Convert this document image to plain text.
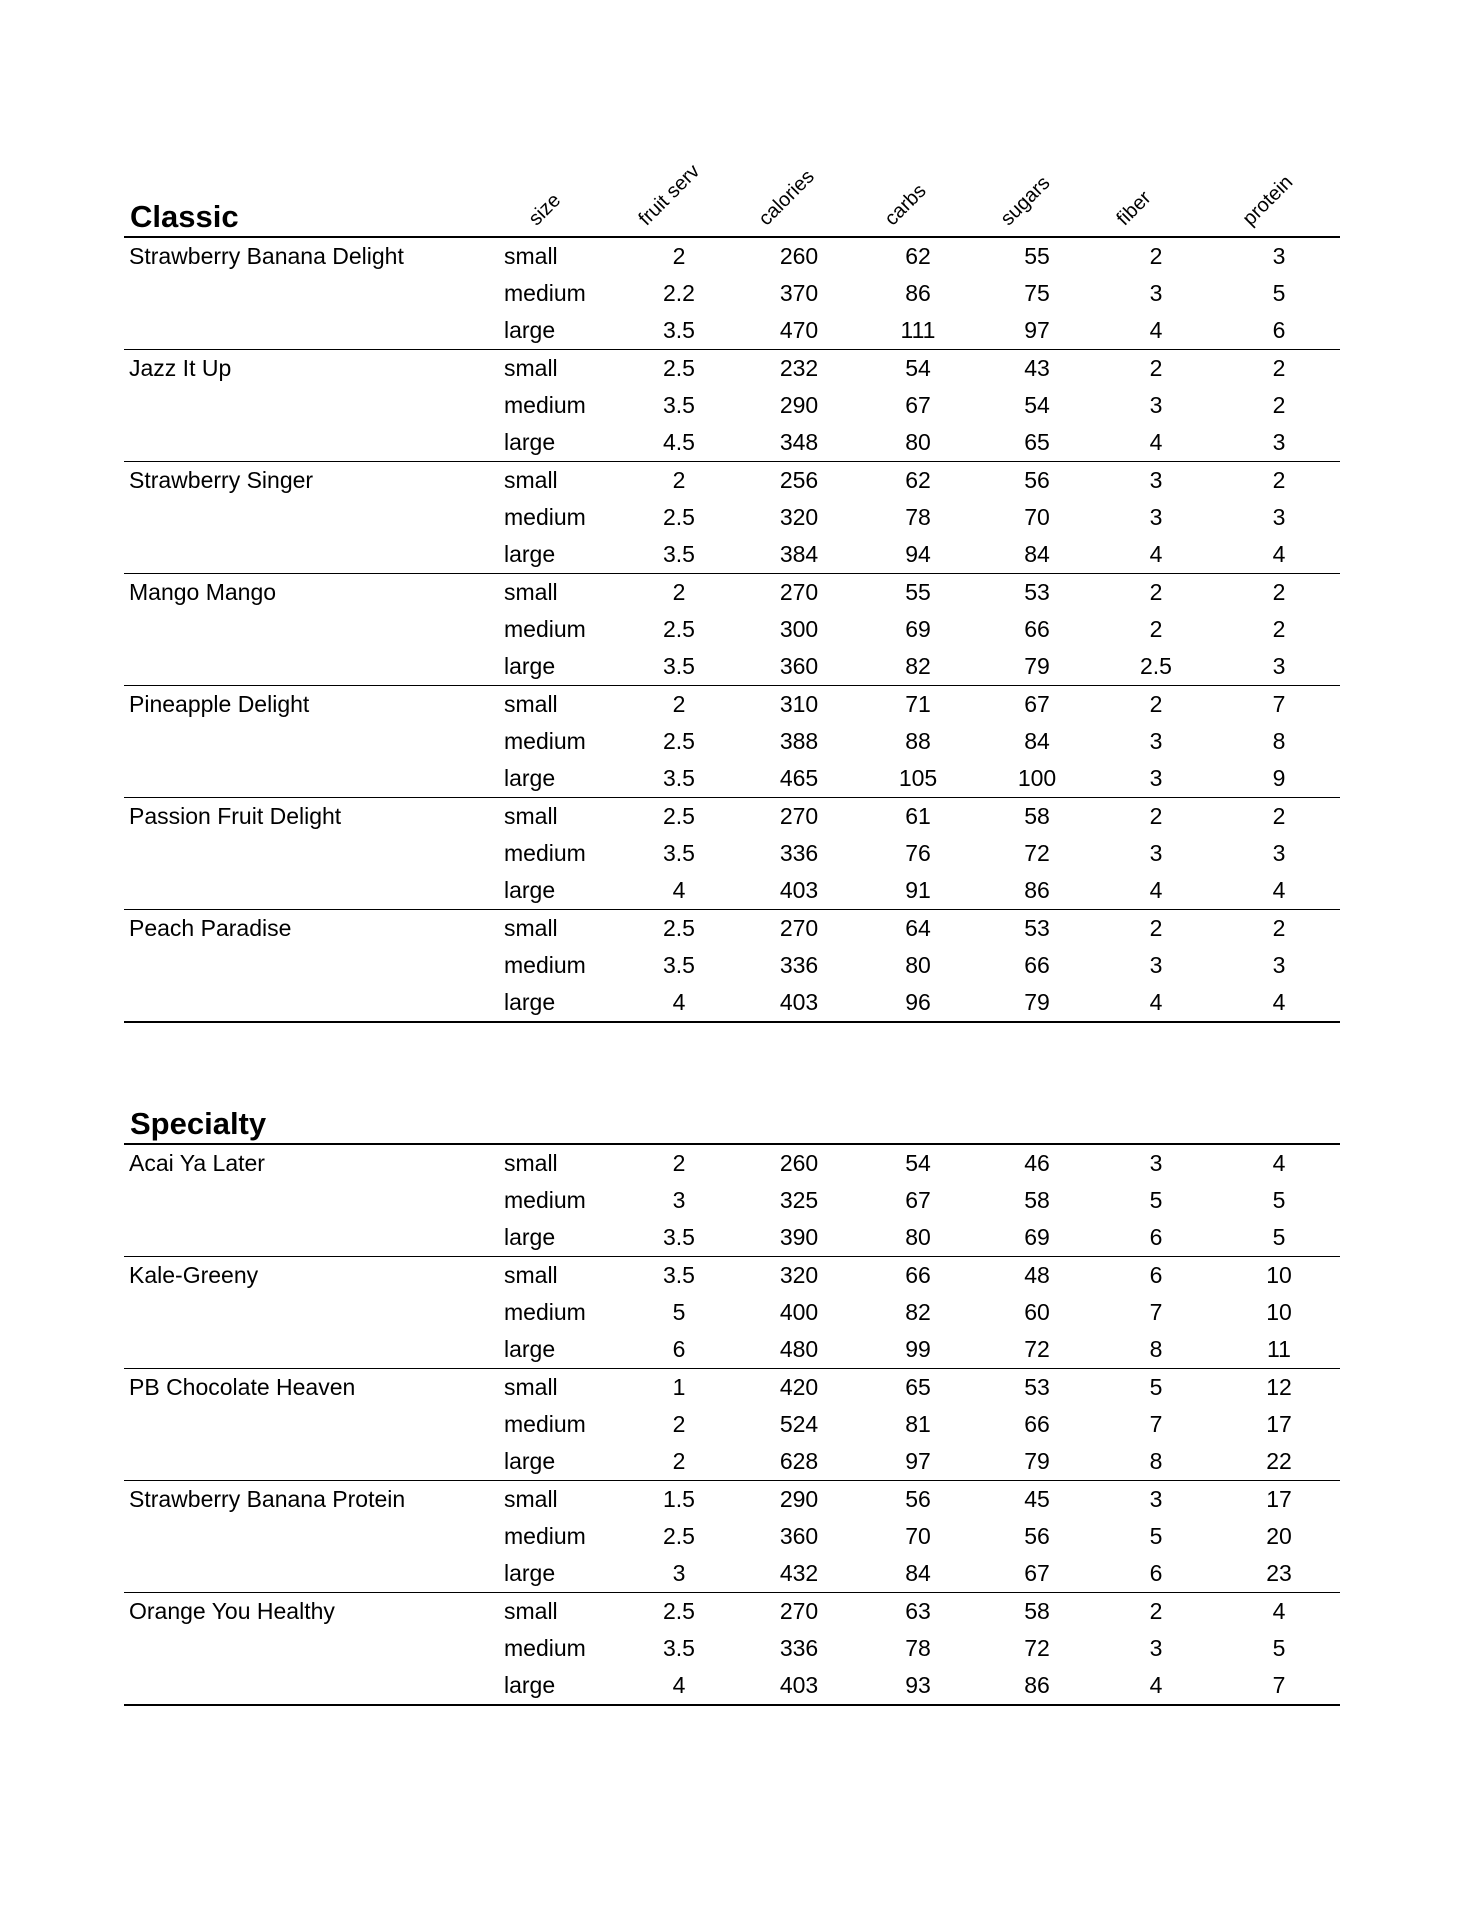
Classic	size	fruit serv	calories	carbs	sugars	fiber	protein
Strawberry Banana Delight	small	2	260	62	55	2	3
medium	2.2	370	86	75	3	5
large	3.5	470	111	97	4	6
Jazz It Up	small	2.5	232	54	43	2	2
medium	3.5	290	67	54	3	2
large	4.5	348	80	65	4	3
Strawberry Singer	small	2	256	62	56	3	2
medium	2.5	320	78	70	3	3
large	3.5	384	94	84	4	4
Mango Mango	small	2	270	55	53	2	2
medium	2.5	300	69	66	2	2
large	3.5	360	82	79	2.5	3
Pineapple Delight	small	2	310	71	67	2	7
medium	2.5	388	88	84	3	8
large	3.5	465	105	100	3	9
Passion Fruit Delight	small	2.5	270	61	58	2	2
medium	3.5	336	76	72	3	3
large	4	403	91	86	4	4
Peach Paradise	small	2.5	270	64	53	2	2
medium	3.5	336	80	66	3	3
large	4	403	96	79	4	4
Specialty
Acai Ya Later	small	2	260	54	46	3	4
medium	3	325	67	58	5	5
large	3.5	390	80	69	6	5
Kale-Greeny	small	3.5	320	66	48	6	10
medium	5	400	82	60	7	10
large	6	480	99	72	8	11
PB Chocolate Heaven	small	1	420	65	53	5	12
medium	2	524	81	66	7	17
large	2	628	97	79	8	22
Strawberry Banana Protein	small	1.5	290	56	45	3	17
medium	2.5	360	70	56	5	20
large	3	432	84	67	6	23
Orange You Healthy	small	2.5	270	63	58	2	4
medium	3.5	336	78	72	3	5
large	4	403	93	86	4	7
